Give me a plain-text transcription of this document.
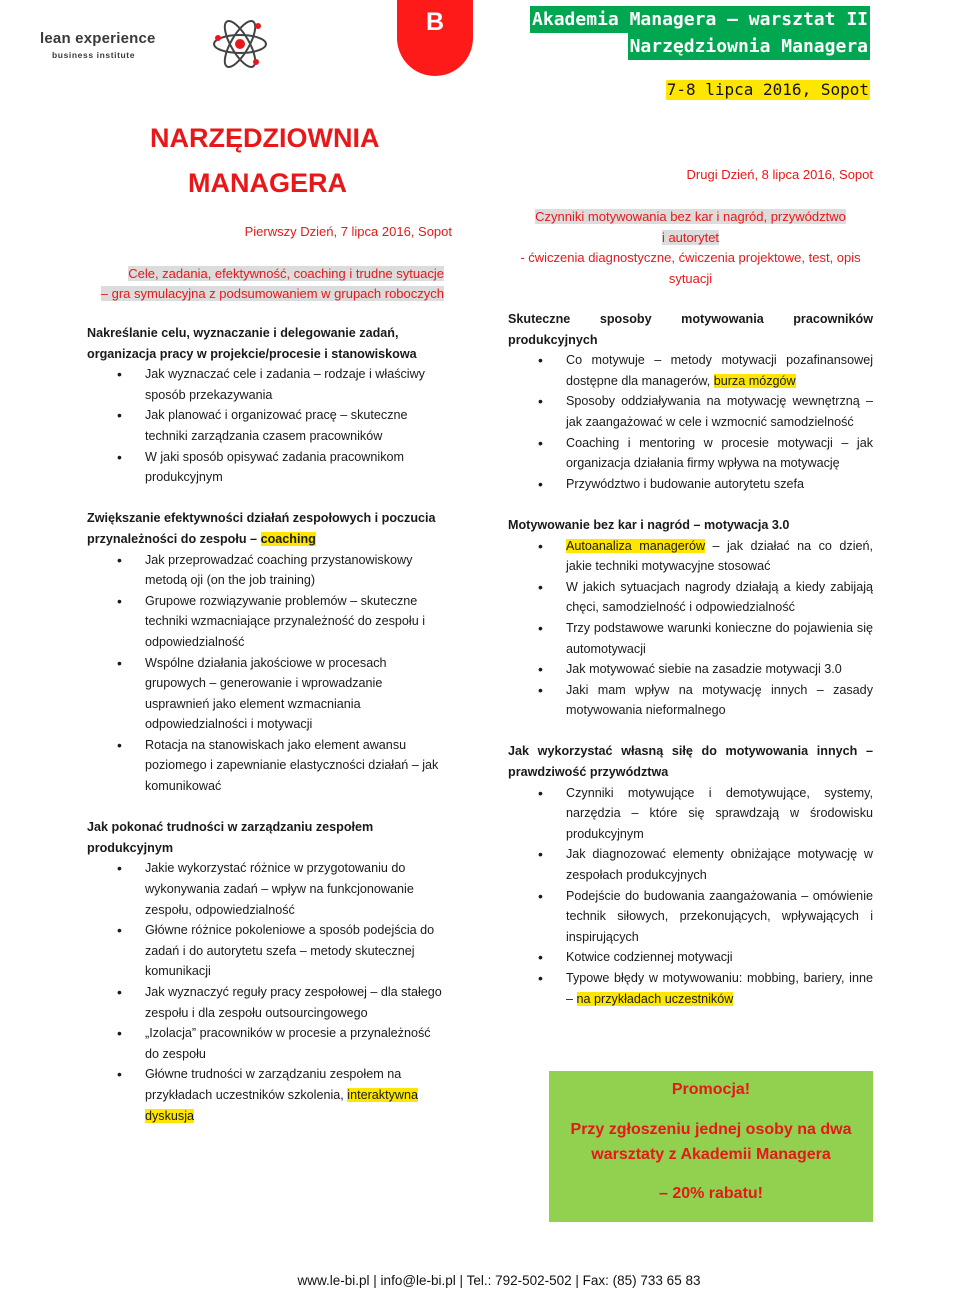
lean experience
business institute
B	Akademia Managera – warsztat II
Narzędziownia Managera
7-8 lipca 2016, Sopot
NARZĘDZIOWNIA
MANAGERA
Pierwszy Dzień, 7 lipca 2016, Sopot
Cele, zadania, efektywność, coaching i trudne sytuacje
– gra symulacyjna z podsumowaniem w grupach roboczych
Nakreślanie celu, wyznaczanie i delegowanie zadań, organizacja pracy w projekcie/procesie i stanowiskowa
• Jak wyznaczać cele i zadania – rodzaje i właściwy sposób przekazywania
• Jak planować i organizować pracę – skuteczne techniki zarządzania czasem pracowników
• W jaki sposób opisywać zadania pracownikom produkcyjnym
Zwiększanie efektywności działań zespołowych i poczucia przynależności do zespołu – coaching
• Jak przeprowadzać coaching przystanowiskowy metodą oji (on the job training)
• Grupowe rozwiązywanie problemów – skuteczne techniki wzmacniające przynależność do zespołu i odpowiedzialność
• Wspólne działania jakościowe w procesach grupowych – generowanie i wprowadzanie usprawnień jako element wzmacniania odpowiedzialności i motywacji
• Rotacja na stanowiskach jako element awansu poziomego i zapewnianie elastyczności działań – jak komunikować
Jak pokonać trudności w zarządzaniu zespołem produkcyjnym
• Jakie wykorzystać różnice w przygotowaniu do wykonywania zadań – wpływ na funkcjonowanie zespołu, odpowiedzialność
• Główne różnice pokoleniowe a sposób podejścia do zadań i do autorytetu szefa – metody skutecznej komunikacji
• Jak wyznaczyć reguły pracy zespołowej – dla stałego zespołu i dla zespołu outsourcingowego
• „Izolacja” pracowników w procesie a przynależność do zespołu
• Główne trudności w zarządzaniu zespołem na przykładach uczestników szkolenia, interaktywna dyskusja
Drugi Dzień, 8 lipca 2016, Sopot
Czynniki motywowania bez kar i nagród, przywództwo
i autorytet
- ćwiczenia diagnostyczne, ćwiczenia projektowe, test, opis sytuacji
Skuteczne sposoby motywowania pracowników produkcyjnych
• Co motywuje – metody motywacji pozafinansowej dostępne dla managerów, burza mózgów
• Sposoby oddziaływania na motywację wewnętrzną – jak zaangażować w cele i wzmocnić samodzielność
• Coaching i mentoring w procesie motywacji – jak organizacja działania firmy wpływa na motywację
• Przywództwo i budowanie autorytetu szefa
Motywowanie bez kar i nagród – motywacja 3.0
• Autoanaliza managerów – jak działać na co dzień, jakie techniki motywacyjne stosować
• W jakich sytuacjach nagrody działają a kiedy zabijają chęci, samodzielność i odpowiedzialność
• Trzy podstawowe warunki konieczne do pojawienia się automotywacji
• Jak motywować siebie na zasadzie motywacji 3.0
• Jaki mam wpływ na motywację innych – zasady motywowania nieformalnego
Jak wykorzystać własną siłę do motywowania innych – prawdziwość przywództwa
• Czynniki motywujące i demotywujące, systemy, narzędzia – które się sprawdzają w środowisku produkcyjnym
• Jak diagnozować elementy obniżające motywację w zespołach produkcyjnych
• Podejście do budowania zaangażowania – omówienie technik siłowych, przekonujących, wpływających i inspirujących
• Kotwice codziennej motywacji
• Typowe błędy w motywowaniu: mobbing, bariery, inne – na przykładach uczestników
Promocja!
Przy zgłoszeniu jednej osoby na dwa warsztaty z Akademii Managera
– 20% rabatu!
www.le-bi.pl | info@le-bi.pl | Tel.: 792-502-502 | Fax: (85) 733 65 83
